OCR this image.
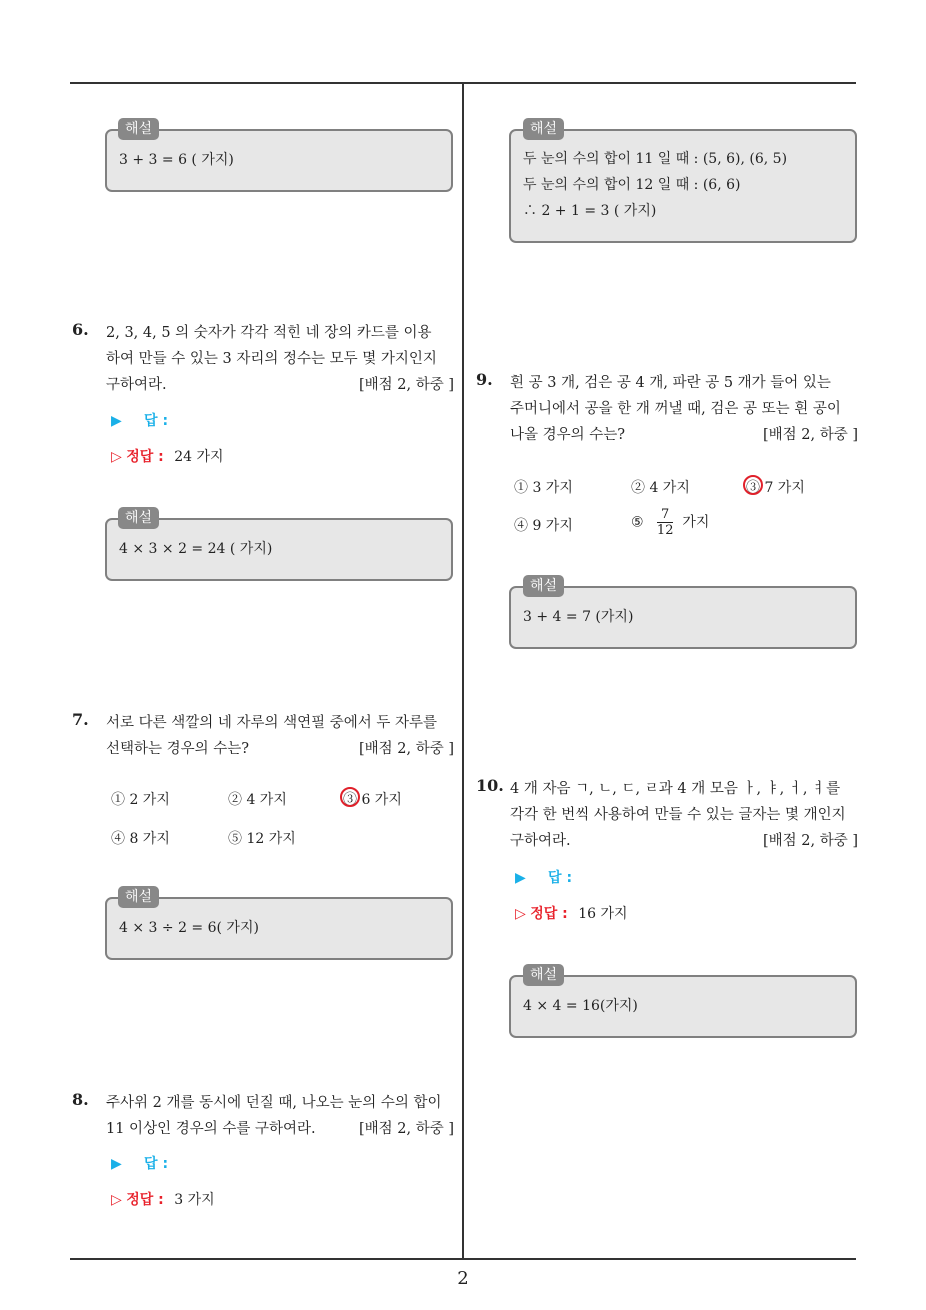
3 + 3 = 6 ( 가지)
해설
6. 2, 3, 4, 5 의 숫자가 각각 적힌 네 장의 카드를 이용
하여 만들 수 있는 3 자리의 정수는 모두 몇 가지인지
구하여라.	[배점 2, 하중 ]
▶ 답 :
▷ 정답 : 24 가지
4 × 3 × 2 = 24 ( 가지)
해설
7. 서로 다른 색깔의 네 자루의 색연필 중에서 두 자루를
선택하는 경우의 수는?	[배점 2, 하중 ]
① 2 가지	② 4 가지	③ 6 가지
④ 8 가지	⑤ 12 가지
4 × 3 ÷ 2 = 6( 가지)
해설
8. 주사위 2 개를 동시에 던질 때, 나오는 눈의 수의 합이
11 이상인 경우의 수를 구하여라.	[배점 2, 하중 ]
▶ 답 :
▷ 정답 : 3 가지
두 눈의 수의 합이 11 일 때 : (5, 6), (6, 5)
두 눈의 수의 합이 12 일 때 : (6, 6)
∴ 2 + 1 = 3 ( 가지)
해설
9. 흰 공 3 개, 검은 공 4 개, 파란 공 5 개가 들어 있는
주머니에서 공을 한 개 꺼낼 때, 검은 공 또는 흰 공이
나올 경우의 수는?	[배점 2, 하중 ]
① 3 가지	② 4 가지	③ 7 가지
④ 9 가지	⑤ $\frac{7}{12}$ 가지
3 + 4 = 7 (가지)
해설
10. 4 개 자음 ㄱ, ㄴ, ㄷ, ㄹ과 4 개 모음 ㅏ, ㅑ, ㅓ, ㅕ를
각각 한 번씩 사용하여 만들 수 있는 글자는 몇 개인지
구하여라.	[배점 2, 하중 ]
▶ 답 :
▷ 정답 : 16 가지
4 × 4 = 16(가지)
해설
2
